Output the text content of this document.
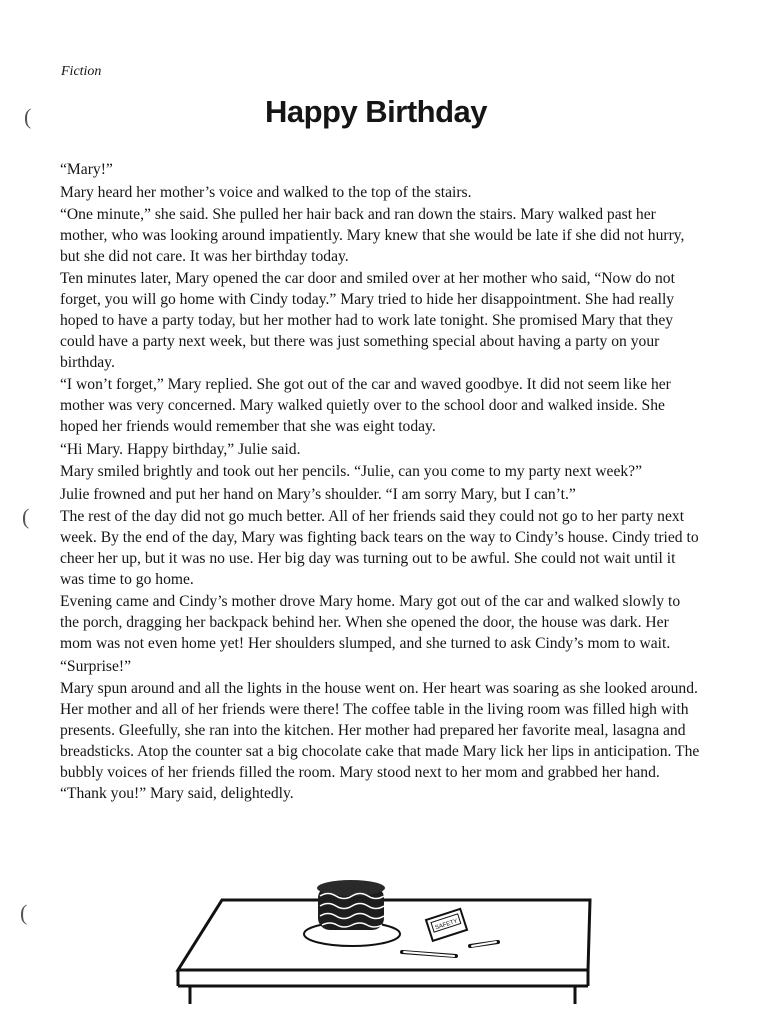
Fiction
Happy Birthday
(
(
(

“Mary!”

Mary heard her mother’s voice and walked to the top of the stairs.

“One minute,” she said. She pulled her hair back and ran down the stairs. Mary walked past her mother, who was looking around impatiently. Mary knew that she would be late if she did not hurry, but she did not care. It was her birthday today.

Ten minutes later, Mary opened the car door and smiled over at her mother who said, “Now do not forget, you will go home with Cindy today.” Mary tried to hide her disappointment. She had really hoped to have a party today, but her mother had to work late tonight. She promised Mary that they could have a party next week, but there was just something special about having a party on your birthday.

“I won’t forget,” Mary replied. She got out of the car and waved goodbye. It did not seem like her mother was very concerned. Mary walked quietly over to the school door and walked inside. She hoped her friends would remember that she was eight today.

“Hi Mary. Happy birthday,” Julie said.

Mary smiled brightly and took out her pencils. “Julie, can you come to my party next week?”

Julie frowned and put her hand on Mary’s shoulder. “I am sorry Mary, but I can’t.”

The rest of the day did not go much better. All of her friends said they could not go to her party next week. By the end of the day, Mary was fighting back tears on the way to Cindy’s house. Cindy tried to cheer her up, but it was no use. Her big day was turning out to be awful. She could not wait until it was time to go home.

Evening came and Cindy’s mother drove Mary home. Mary got out of the car and walked slowly to the porch, dragging her backpack behind her. When she opened the door, the house was dark. Her mom was not even home yet! Her shoulders slumped, and she turned to ask Cindy’s mom to wait.

“Surprise!”

Mary spun around and all the lights in the house went on. Her heart was soaring as she looked around. Her mother and all of her friends were there! The coffee table in the living room was filled high with presents. Gleefully, she ran into the kitchen. Her mother had prepared her favorite meal, lasagna and breadsticks. Atop the counter sat a big chocolate cake that made Mary lick her lips in anticipation. The bubbly voices of her friends filled the room. Mary stood next to her mom and grabbed her hand. “Thank you!” Mary said, delightedly.

SAFETY
